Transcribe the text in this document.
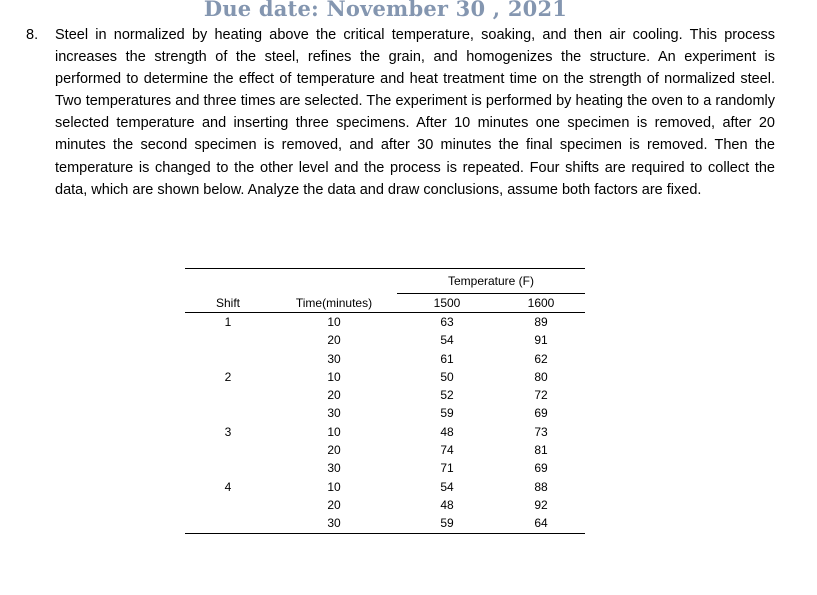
Due date: November 30 , 2021
8. Steel in normalized by heating above the critical temperature, soaking, and then air cooling. This process increases the strength of the steel, refines the grain, and homogenizes the structure. An experiment is performed to determine the effect of temperature and heat treatment time on the strength of normalized steel. Two temperatures and three times are selected. The experiment is performed by heating the oven to a randomly selected temperature and inserting three specimens. After 10 minutes one specimen is removed, after 20 minutes the second specimen is removed, and after 30 minutes the final specimen is removed. Then the temperature is changed to the other level and the process is repeated. Four shifts are required to collect the data, which are shown below. Analyze the data and draw conclusions, assume both factors are fixed.
		Temperature (F)	
Shift	Time(minutes)	1500	1600
1	10	63	89
	20	54	91
	30	61	62
2	10	50	80
	20	52	72
	30	59	69
3	10	48	73
	20	74	81
	30	71	69
4	10	54	88
	20	48	92
	30	59	64
